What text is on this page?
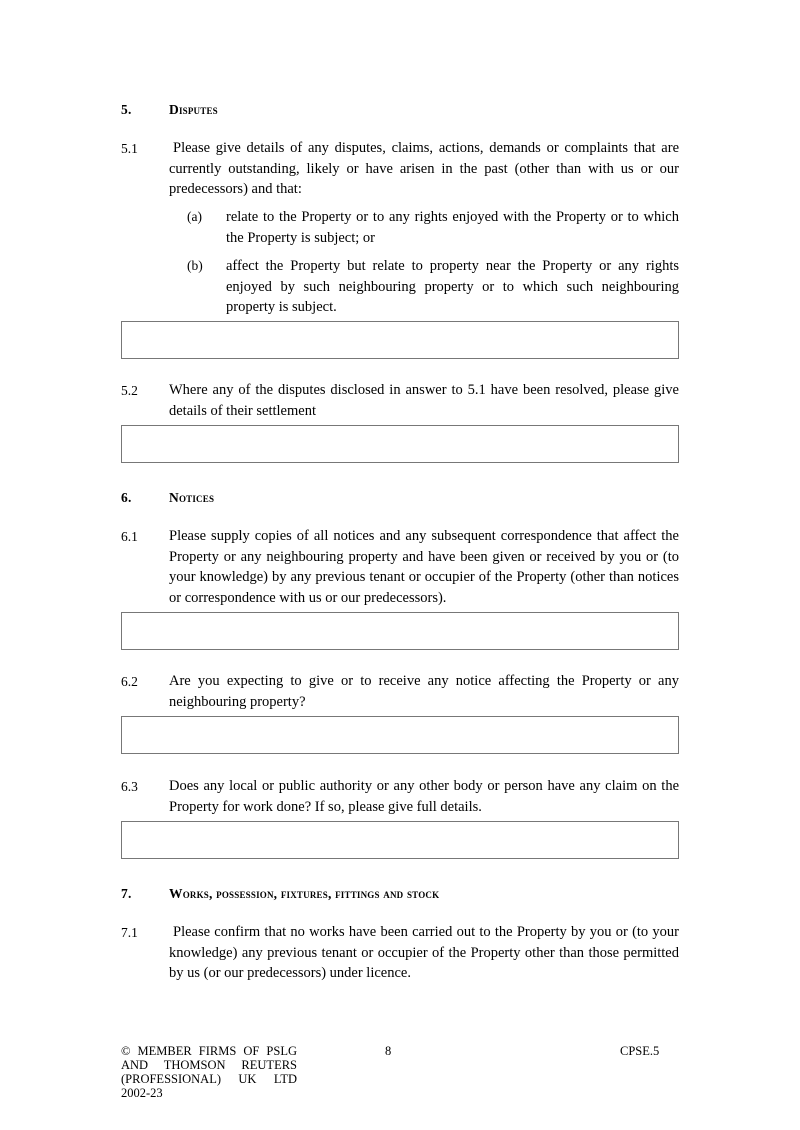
5.	Disputes
5.1 Please give details of any disputes, claims, actions, demands or complaints that are currently outstanding, likely or have arisen in the past (other than with us or our predecessors) and that:
(a) relate to the Property or to any rights enjoyed with the Property or to which the Property is subject; or
(b) affect the Property but relate to property near the Property or any rights enjoyed by such neighbouring property or to which such neighbouring property is subject.
5.2 Where any of the disputes disclosed in answer to 5.1 have been resolved, please give details of their settlement
6.	Notices
6.1 Please supply copies of all notices and any subsequent correspondence that affect the Property or any neighbouring property and have been given or received by you or (to your knowledge) by any previous tenant or occupier of the Property (other than notices or correspondence with us or our predecessors).
6.2 Are you expecting to give or to receive any notice affecting the Property or any neighbouring property?
6.3 Does any local or public authority or any other body or person have any claim on the Property for work done? If so, please give full details.
7.	Works, possession, fixtures, fittings and stock
7.1 Please confirm that no works have been carried out to the Property by you or (to your knowledge) any previous tenant or occupier of the Property other than those permitted by us (or our predecessors) under licence.
© MEMBER FIRMS OF PSLG
AND THOMSON REUTERS
(PROFESSIONAL) UK LTD
2002-23
8	CPSE.5
